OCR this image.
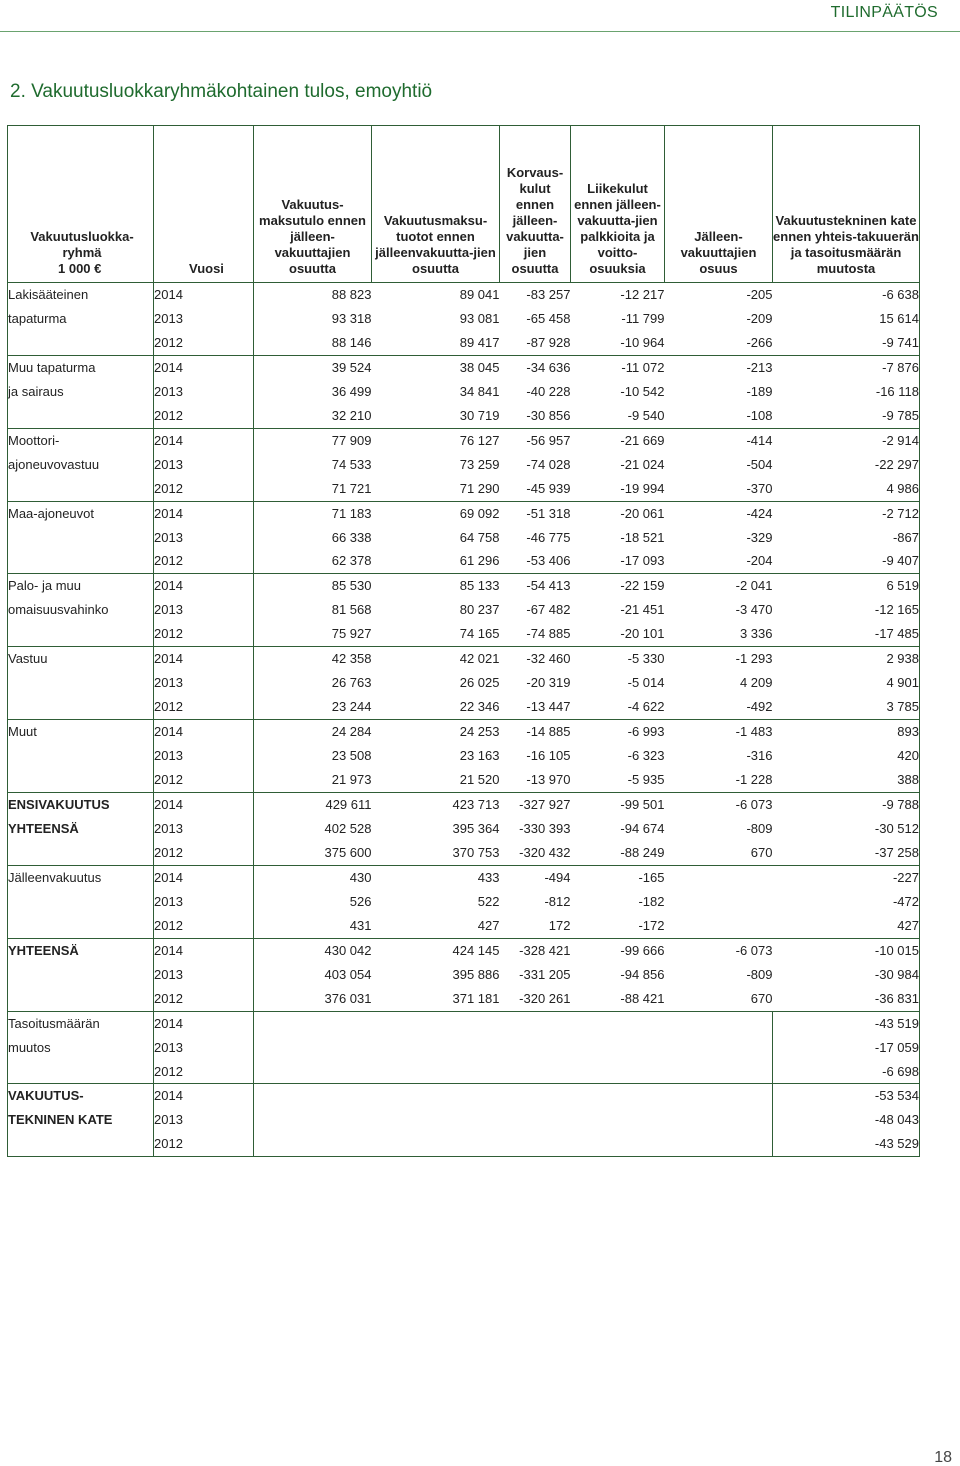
TILINPÄÄTÖS
2. Vakuutusluokkaryhmäkohtainen tulos, emoyhtiö
Vakuutusluokka-ryhmä
1 000 €	Vuosi	Vakuutus-maksutulo ennen jälleen-vakuuttajien osuutta	Vakuutusmaksu-tuotot ennen jälleenvakuutta-jien osuutta	Korvaus-kulut ennen jälleen-vakuutta-jien osuutta	Liikekulut ennen jälleen-vakuutta-jien palkkioita ja voitto-osuuksia	Jälleen-vakuuttajien osuus	Vakuutustekninen kate ennen yhteis-takuuerän ja tasoitusmäärän muutosta
Lakisääteinen	2014	88 823	89 041	-83 257	-12 217	-205	-6 638
tapaturma	2013	93 318	93 081	-65 458	-11 799	-209	15 614
	2012	88 146	89 417	-87 928	-10 964	-266	-9 741
Muu tapaturma	2014	39 524	38 045	-34 636	-11 072	-213	-7 876
ja sairaus	2013	36 499	34 841	-40 228	-10 542	-189	-16 118
	2012	32 210	30 719	-30 856	-9 540	-108	-9 785
Moottori-	2014	77 909	76 127	-56 957	-21 669	-414	-2 914
ajoneuvovastuu	2013	74 533	73 259	-74 028	-21 024	-504	-22 297
	2012	71 721	71 290	-45 939	-19 994	-370	4 986
Maa-ajoneuvot	2014	71 183	69 092	-51 318	-20 061	-424	-2 712
	2013	66 338	64 758	-46 775	-18 521	-329	-867
	2012	62 378	61 296	-53 406	-17 093	-204	-9 407
Palo- ja muu	2014	85 530	85 133	-54 413	-22 159	-2 041	6 519
omaisuusvahinko	2013	81 568	80 237	-67 482	-21 451	-3 470	-12 165
	2012	75 927	74 165	-74 885	-20 101	3 336	-17 485
Vastuu	2014	42 358	42 021	-32 460	-5 330	-1 293	2 938
	2013	26 763	26 025	-20 319	-5 014	4 209	4 901
	2012	23 244	22 346	-13 447	-4 622	-492	3 785
Muut	2014	24 284	24 253	-14 885	-6 993	-1 483	893
	2013	23 508	23 163	-16 105	-6 323	-316	420
	2012	21 973	21 520	-13 970	-5 935	-1 228	388
ENSIVAKUUTUS	2014	429 611	423 713	-327 927	-99 501	-6 073	-9 788
YHTEENSÄ	2013	402 528	395 364	-330 393	-94 674	-809	-30 512
	2012	375 600	370 753	-320 432	-88 249	670	-37 258
Jälleenvakuutus	2014	430	433	-494	-165		-227
	2013	526	522	-812	-182		-472
	2012	431	427	172	-172		427
YHTEENSÄ	2014	430 042	424 145	-328 421	-99 666	-6 073	-10 015
	2013	403 054	395 886	-331 205	-94 856	-809	-30 984
	2012	376 031	371 181	-320 261	-88 421	670	-36 831
Tasoitusmäärän	2014						-43 519
muutos	2013						-17 059
	2012						-6 698
VAKUUTUS-	2014						-53 534
TEKNINEN KATE	2013						-48 043
	2012						-43 529
18
